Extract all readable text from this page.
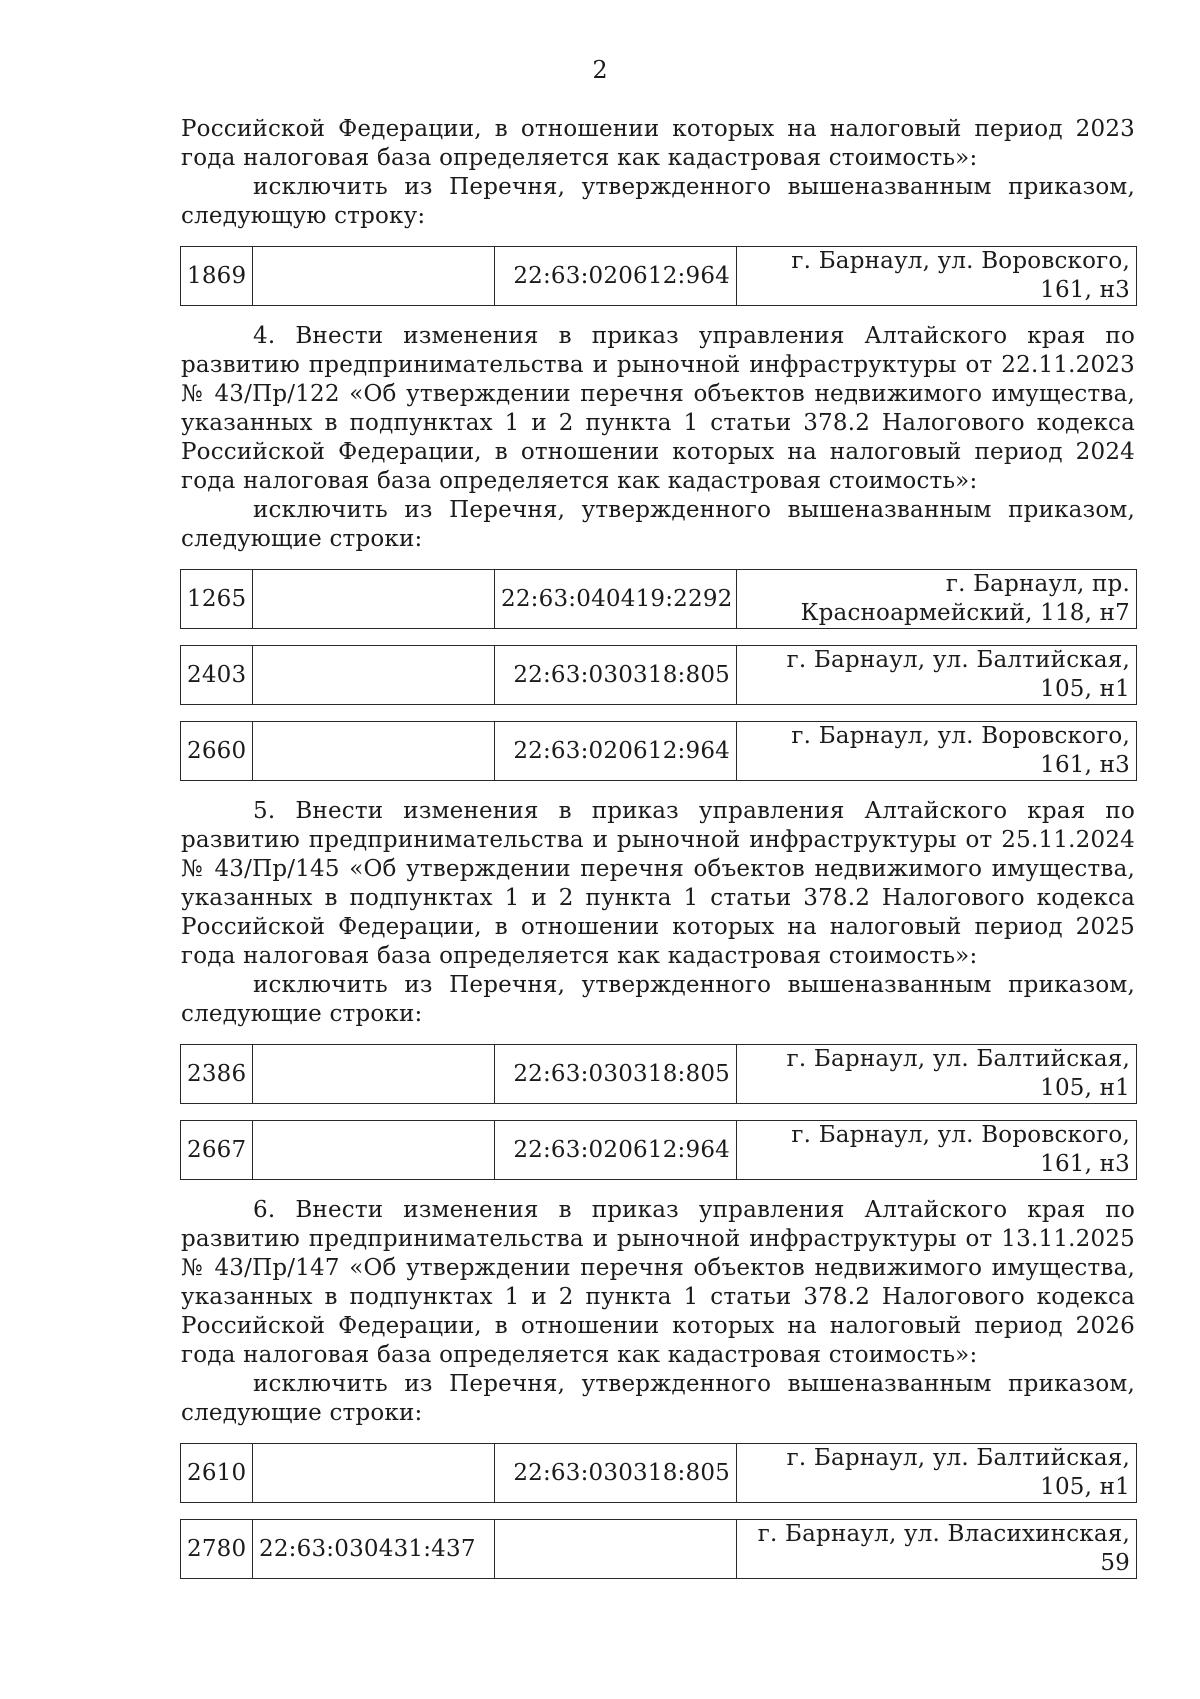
2

Российской Федерации, в отношении которых на налоговый период 2023 года налоговая база определяется как кадастровая стоимость»:

исключить из Перечня, утвержденного вышеназванным приказом, следующую строку:

1869		22:63:020612:964	г. Барнаул, ул. Воровского, 161, н3

4. Внести изменения в приказ управления Алтайского края по развитию предпринимательства и рыночной инфраструктуры от 22.11.2023 № 43/Пр/122 «Об утверждении перечня объектов недвижимого имущества, указанных в подпунктах 1 и 2 пункта 1 статьи 378.2 Налогового кодекса Российской Федерации, в отношении которых на налоговый период 2024 года налоговая база определяется как кадастровая стоимость»:

исключить из Перечня, утвержденного вышеназванным приказом, следующие строки:

1265		22:63:040419:2292	г. Барнаул, пр. Красноармейский, 118, н7
2403		22:63:030318:805	г. Барнаул, ул. Балтийская, 105, н1
2660		22:63:020612:964	г. Барнаул, ул. Воровского, 161, н3

5. Внести изменения в приказ управления Алтайского края по развитию предпринимательства и рыночной инфраструктуры от 25.11.2024 № 43/Пр/145 «Об утверждении перечня объектов недвижимого имущества, указанных в подпунктах 1 и 2 пункта 1 статьи 378.2 Налогового кодекса Российской Федерации, в отношении которых на налоговый период 2025 года налоговая база определяется как кадастровая стоимость»:

исключить из Перечня, утвержденного вышеназванным приказом, следующие строки:

2386		22:63:030318:805	г. Барнаул, ул. Балтийская, 105, н1
2667		22:63:020612:964	г. Барнаул, ул. Воровского, 161, н3

6. Внести изменения в приказ управления Алтайского края по развитию предпринимательства и рыночной инфраструктуры от 13.11.2025 № 43/Пр/147 «Об утверждении перечня объектов недвижимого имущества, указанных в подпунктах 1 и 2 пункта 1 статьи 378.2 Налогового кодекса Российской Федерации, в отношении которых на налоговый период 2026 года налоговая база определяется как кадастровая стоимость»:

исключить из Перечня, утвержденного вышеназванным приказом, следующие строки:

2610		22:63:030318:805	г. Барнаул, ул. Балтийская, 105, н1
2780	22:63:030431:437		г. Барнаул, ул. Власихинская, 59
